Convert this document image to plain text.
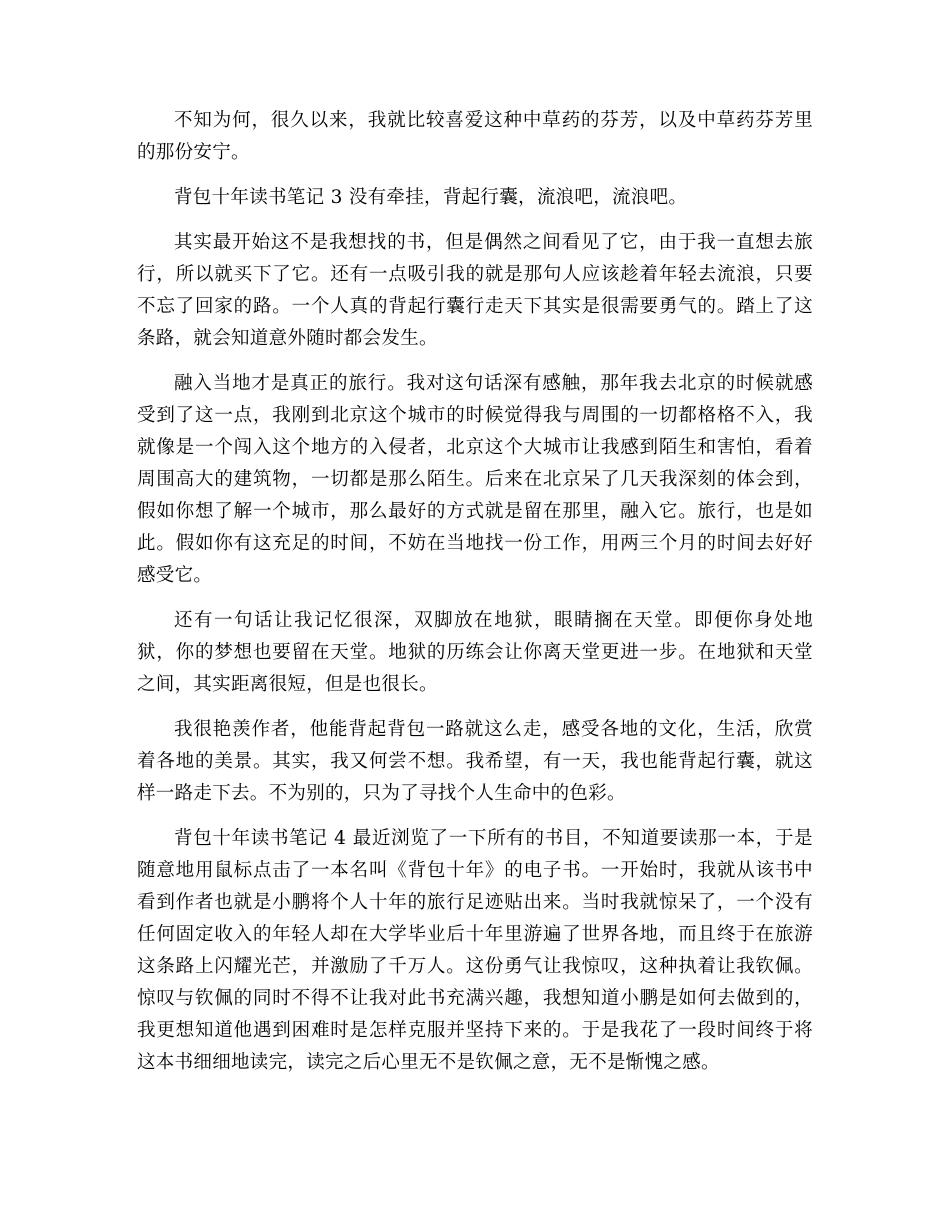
不知为何，很久以来，我就比较喜爱这种中草药的芬芳，以及中草药芬芳里的那份安宁。

背包十年读书笔记 3 没有牵挂，背起行囊，流浪吧，流浪吧。

其实最开始这不是我想找的书，但是偶然之间看见了它，由于我一直想去旅行，所以就买下了它。还有一点吸引我的就是那句人应该趁着年轻去流浪，只要不忘了回家的路。一个人真的背起行囊行走天下其实是很需要勇气的。踏上了这条路，就会知道意外随时都会发生。

融入当地才是真正的旅行。我对这句话深有感触，那年我去北京的时候就感受到了这一点，我刚到北京这个城市的时候觉得我与周围的一切都格格不入，我就像是一个闯入这个地方的入侵者，北京这个大城市让我感到陌生和害怕，看着周围高大的建筑物，一切都是那么陌生。后来在北京呆了几天我深刻的体会到，假如你想了解一个城市，那么最好的方式就是留在那里，融入它。旅行，也是如此。假如你有这充足的时间，不妨在当地找一份工作，用两三个月的时间去好好感受它。

还有一句话让我记忆很深，双脚放在地狱，眼睛搁在天堂。即便你身处地狱，你的梦想也要留在天堂。地狱的历练会让你离天堂更进一步。在地狱和天堂之间，其实距离很短，但是也很长。

我很艳羡作者，他能背起背包一路就这么走，感受各地的文化，生活，欣赏着各地的美景。其实，我又何尝不想。我希望，有一天，我也能背起行囊，就这样一路走下去。不为别的，只为了寻找个人生命中的色彩。

背包十年读书笔记 4 最近浏览了一下所有的书目，不知道要读那一本，于是随意地用鼠标点击了一本名叫《背包十年》的电子书。一开始时，我就从该书中看到作者也就是小鹏将个人十年的旅行足迹贴出来。当时我就惊呆了，一个没有任何固定收入的年轻人却在大学毕业后十年里游遍了世界各地，而且终于在旅游这条路上闪耀光芒，并激励了千万人。这份勇气让我惊叹，这种执着让我钦佩。惊叹与钦佩的同时不得不让我对此书充满兴趣，我想知道小鹏是如何去做到的，我更想知道他遇到困难时是怎样克服并坚持下来的。于是我花了一段时间终于将这本书细细地读完，读完之后心里无不是钦佩之意，无不是惭愧之感。
